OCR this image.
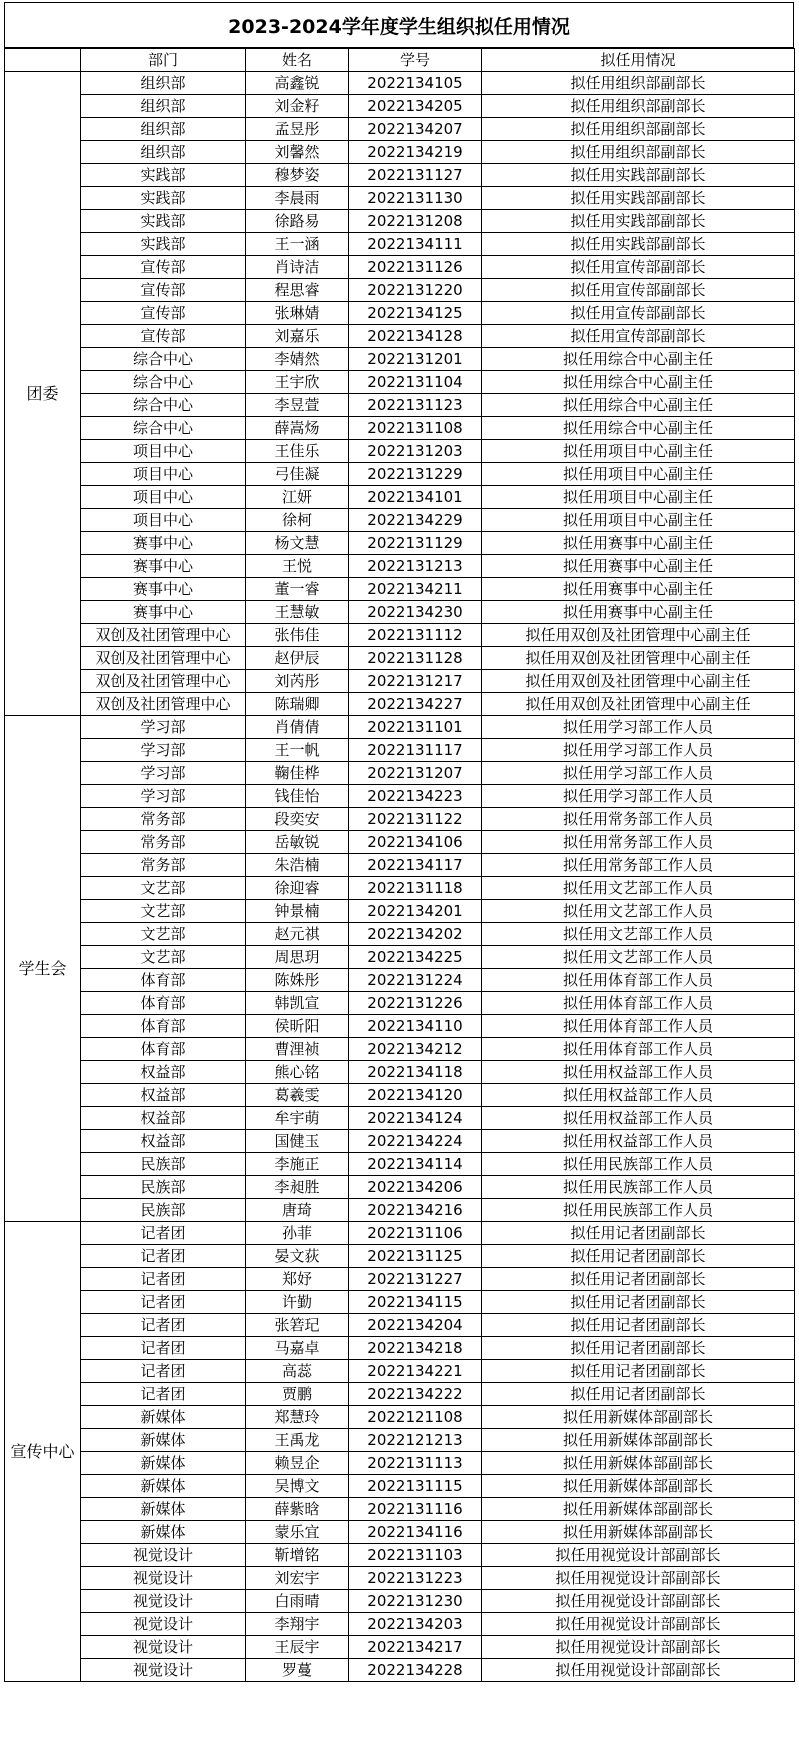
2023-2024学年度学生组织拟任用情况
	部门	姓名	学号	拟任用情况
团委	组织部	高鑫锐	2022134105	拟任用组织部副部长
	组织部	刘金籽	2022134205	拟任用组织部副部长
	组织部	孟昱彤	2022134207	拟任用组织部副部长
	组织部	刘馨然	2022134219	拟任用组织部副部长
	实践部	穆梦姿	2022131127	拟任用实践部副部长
	实践部	李晨雨	2022131130	拟任用实践部副部长
	实践部	徐路易	2022131208	拟任用实践部副部长
	实践部	王一涵	2022134111	拟任用实践部副部长
	宣传部	肖诗洁	2022131126	拟任用宣传部副部长
	宣传部	程思睿	2022131220	拟任用宣传部副部长
	宣传部	张琳婧	2022134125	拟任用宣传部副部长
	宣传部	刘嘉乐	2022134128	拟任用宣传部副部长
	综合中心	李婧然	2022131201	拟任用综合中心副主任
	综合中心	王宇欣	2022131104	拟任用综合中心副主任
	综合中心	李昱萱	2022131123	拟任用综合中心副主任
	综合中心	薛嵩炀	2022131108	拟任用综合中心副主任
	项目中心	王佳乐	2022131203	拟任用项目中心副主任
	项目中心	弓佳凝	2022131229	拟任用项目中心副主任
	项目中心	江妍	2022134101	拟任用项目中心副主任
	项目中心	徐柯	2022134229	拟任用项目中心副主任
	赛事中心	杨文慧	2022131129	拟任用赛事中心副主任
	赛事中心	王悦	2022131213	拟任用赛事中心副主任
	赛事中心	董一睿	2022134211	拟任用赛事中心副主任
	赛事中心	王慧敏	2022134230	拟任用赛事中心副主任
	双创及社团管理中心	张伟佳	2022131112	拟任用双创及社团管理中心副主任
	双创及社团管理中心	赵伊辰	2022131128	拟任用双创及社团管理中心副主任
	双创及社团管理中心	刘芮彤	2022131217	拟任用双创及社团管理中心副主任
	双创及社团管理中心	陈瑞卿	2022134227	拟任用双创及社团管理中心副主任
学生会	学习部	肖倩倩	2022131101	拟任用学习部工作人员
	学习部	王一帆	2022131117	拟任用学习部工作人员
	学习部	鞠佳桦	2022131207	拟任用学习部工作人员
	学习部	钱佳怡	2022134223	拟任用学习部工作人员
	常务部	段奕安	2022131122	拟任用常务部工作人员
	常务部	岳敏锐	2022134106	拟任用常务部工作人员
	常务部	朱浩楠	2022134117	拟任用常务部工作人员
	文艺部	徐迎睿	2022131118	拟任用文艺部工作人员
	文艺部	钟景楠	2022134201	拟任用文艺部工作人员
	文艺部	赵元祺	2022134202	拟任用文艺部工作人员
	文艺部	周思玥	2022134225	拟任用文艺部工作人员
	体育部	陈姝彤	2022131224	拟任用体育部工作人员
	体育部	韩凯宣	2022131226	拟任用体育部工作人员
	体育部	侯昕阳	2022134110	拟任用体育部工作人员
	体育部	曹浬祯	2022134212	拟任用体育部工作人员
	权益部	熊心铭	2022134118	拟任用权益部工作人员
	权益部	葛羲雯	2022134120	拟任用权益部工作人员
	权益部	牟宇萌	2022134124	拟任用权益部工作人员
	权益部	国健玉	2022134224	拟任用权益部工作人员
	民族部	李施正	2022134114	拟任用民族部工作人员
	民族部	李昶胜	2022134206	拟任用民族部工作人员
	民族部	唐琦	2022134216	拟任用民族部工作人员
宣传中心	记者团	孙菲	2022131106	拟任用记者团副部长
	记者团	晏文荻	2022131125	拟任用记者团副部长
	记者团	郑妤	2022131227	拟任用记者团副部长
	记者团	许勤	2022134115	拟任用记者团副部长
	记者团	张箬玘	2022134204	拟任用记者团副部长
	记者团	马嘉卓	2022134218	拟任用记者团副部长
	记者团	高蕊	2022134221	拟任用记者团副部长
	记者团	贾鹏	2022134222	拟任用记者团副部长
	新媒体	郑慧玲	2022121108	拟任用新媒体部副部长
	新媒体	王禹龙	2022121213	拟任用新媒体部副部长
	新媒体	赖昱企	2022131113	拟任用新媒体部副部长
	新媒体	吴博文	2022131115	拟任用新媒体部副部长
	新媒体	薛紫晗	2022131116	拟任用新媒体部副部长
	新媒体	蒙乐宜	2022134116	拟任用新媒体部副部长
	视觉设计	靳增铭	2022131103	拟任用视觉设计部副部长
	视觉设计	刘宏宇	2022131223	拟任用视觉设计部副部长
	视觉设计	白雨晴	2022131230	拟任用视觉设计部副部长
	视觉设计	李翔宇	2022134203	拟任用视觉设计部副部长
	视觉设计	王辰宇	2022134217	拟任用视觉设计部副部长
	视觉设计	罗蔓	2022134228	拟任用视觉设计部副部长
